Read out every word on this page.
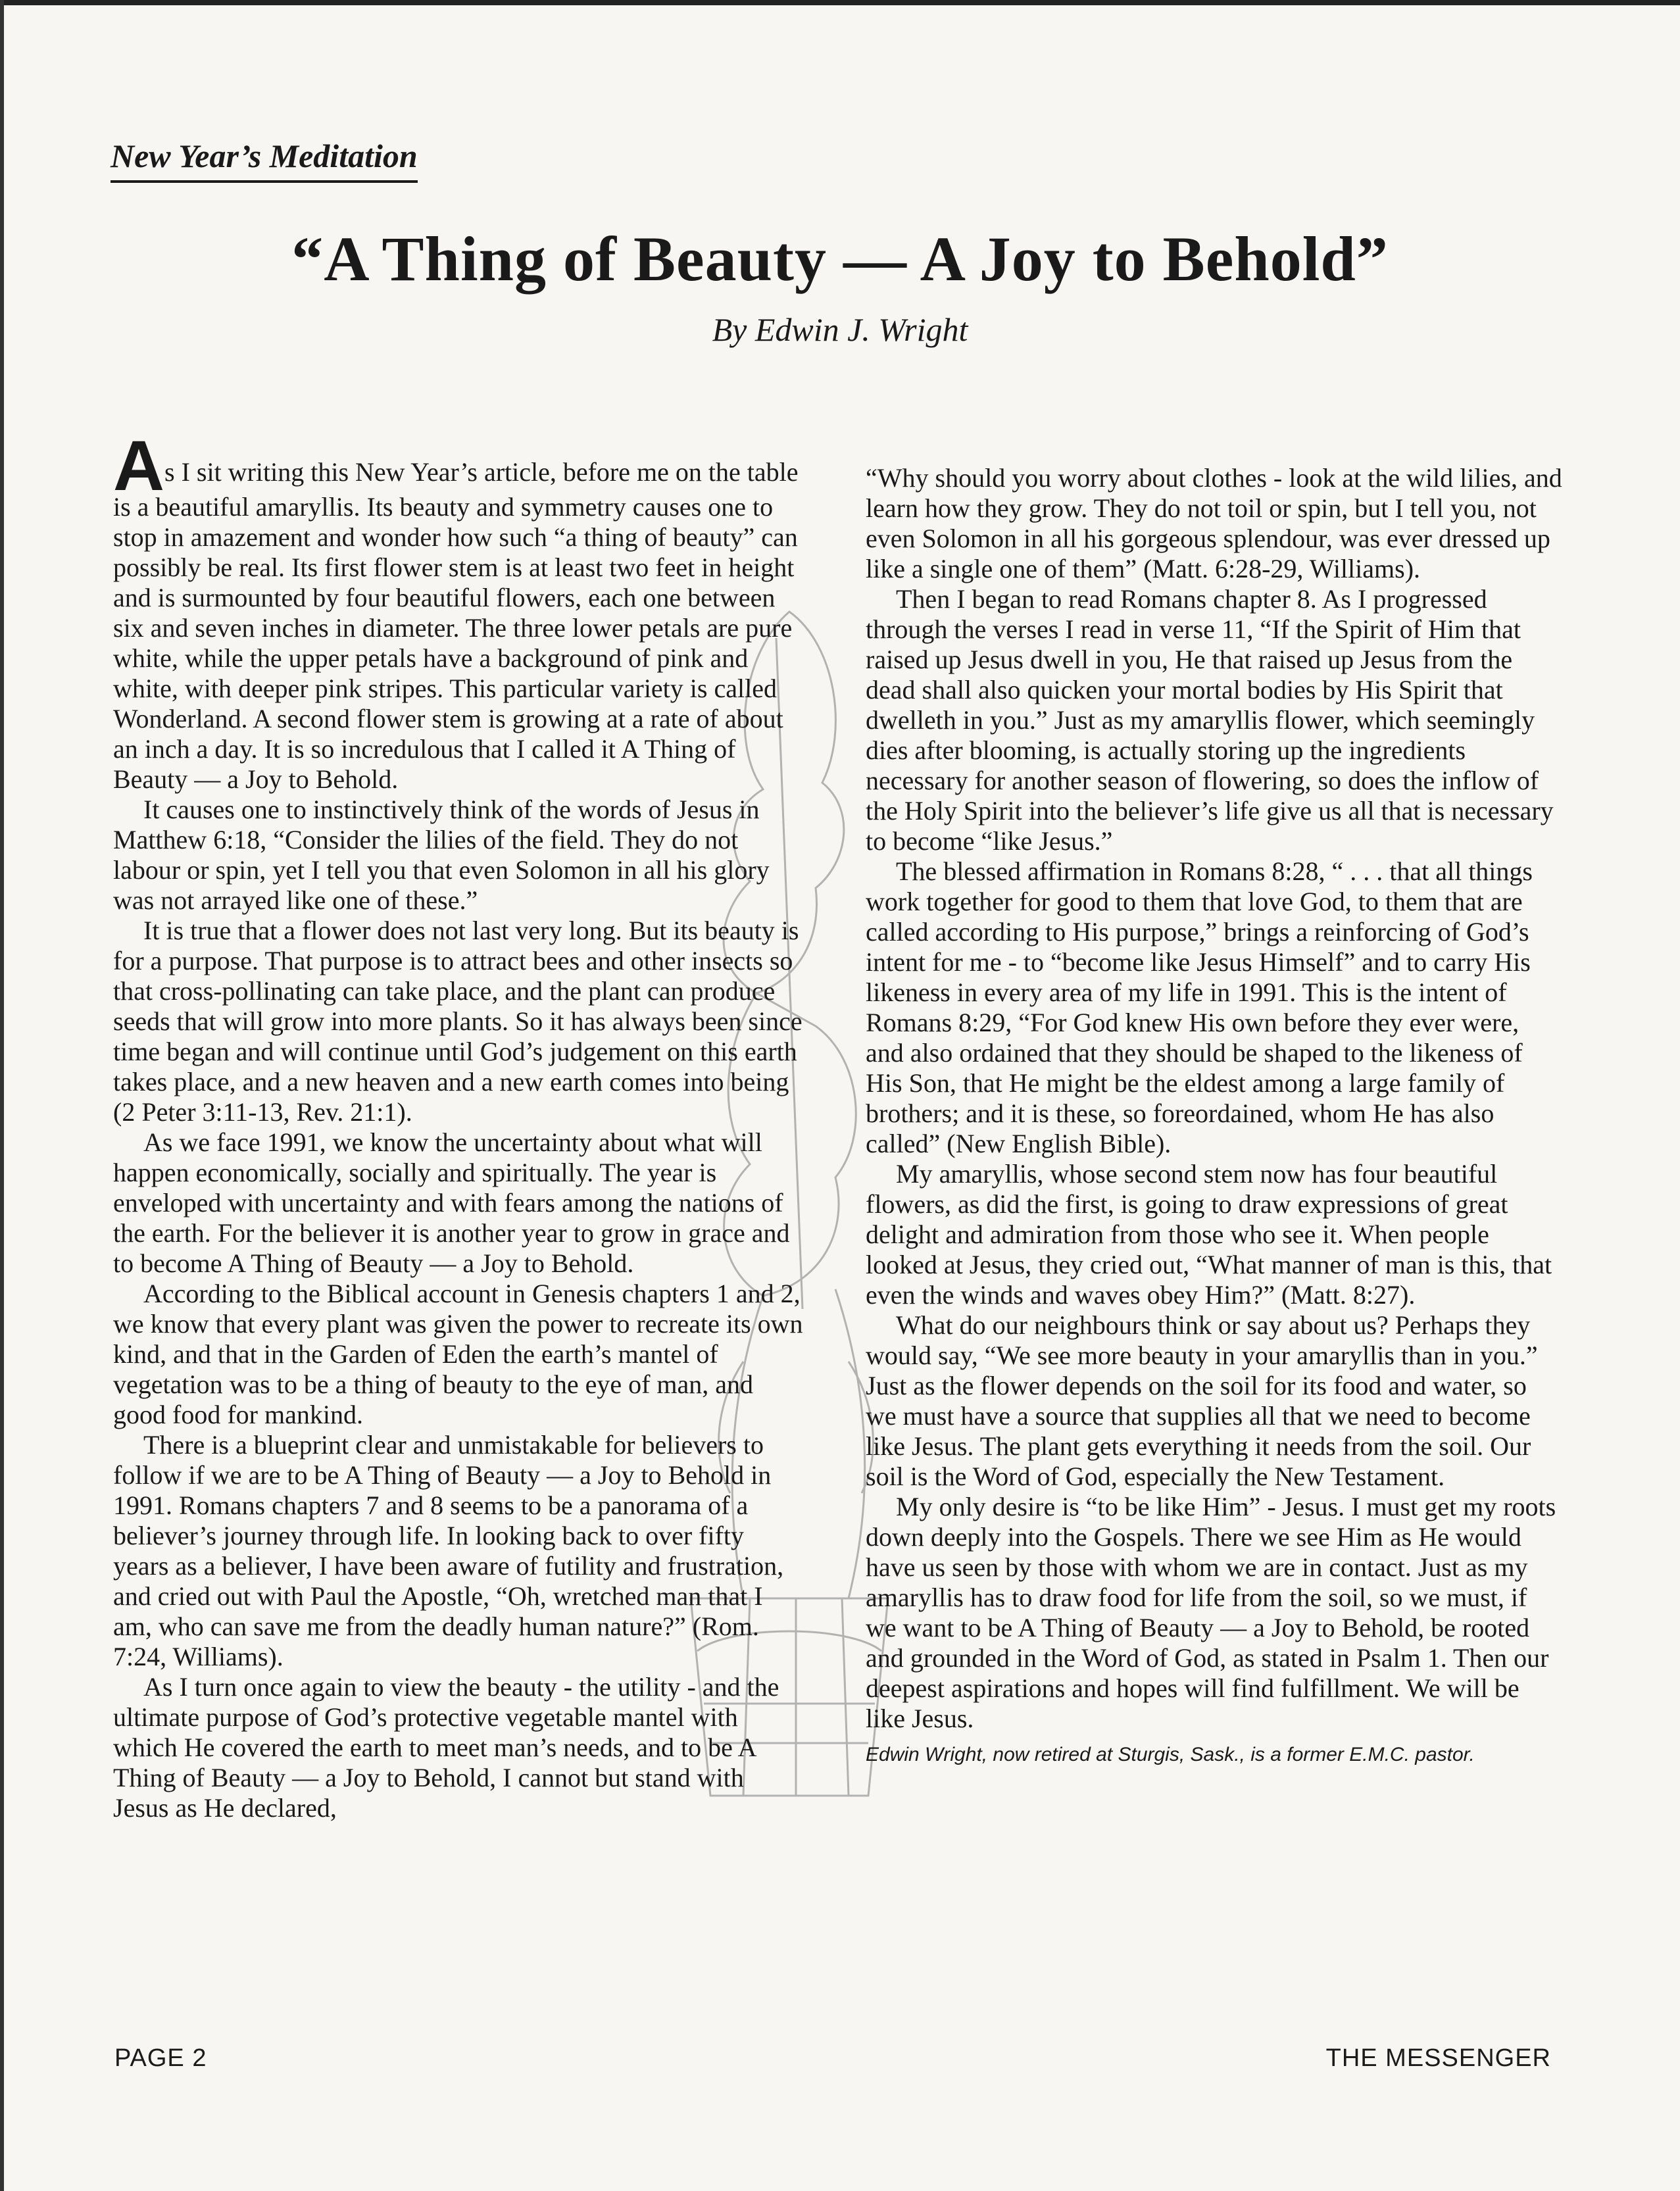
New Year’s Meditation
“A Thing of Beauty — A Joy to Behold”
By Edwin J. Wright

As I sit writing this New Year’s article, before me on the table is a beautiful amaryllis. Its beauty and symmetry causes one to stop in amazement and wonder how such “a thing of beauty” can possibly be real. Its first flower stem is at least two feet in height and is surmounted by four beautiful flowers, each one between six and seven inches in diameter. The three lower petals are pure white, while the upper petals have a background of pink and white, with deeper pink stripes. This particular variety is called Wonderland. A second flower stem is growing at a rate of about an inch a day. It is so incredulous that I called it A Thing of Beauty — a Joy to Behold.

It causes one to instinctively think of the words of Jesus in Matthew 6:18, “Consider the lilies of the field. They do not labour or spin, yet I tell you that even Solomon in all his glory was not arrayed like one of these.”

It is true that a flower does not last very long. But its beauty is for a purpose. That purpose is to attract bees and other insects so that cross-pollinating can take place, and the plant can produce seeds that will grow into more plants. So it has always been since time began and will continue until God’s judgement on this earth takes place, and a new heaven and a new earth comes into being (2 Peter 3:11-13, Rev. 21:1).

As we face 1991, we know the uncertainty about what will happen economically, socially and spiritually. The year is enveloped with uncertainty and with fears among the nations of the earth. For the believer it is another year to grow in grace and to become A Thing of Beauty — a Joy to Behold.

According to the Biblical account in Genesis chapters 1 and 2, we know that every plant was given the power to recreate its own kind, and that in the Garden of Eden the earth’s mantel of vegetation was to be a thing of beauty to the eye of man, and good food for mankind.

There is a blueprint clear and unmistakable for believers to follow if we are to be A Thing of Beauty — a Joy to Behold in 1991. Romans chapters 7 and 8 seems to be a panorama of a believer’s journey through life. In looking back to over fifty years as a believer, I have been aware of futility and frustration, and cried out with Paul the Apostle, “Oh, wretched man that I am, who can save me from the deadly human nature?” (Rom. 7:24, Williams).

As I turn once again to view the beauty - the utility - and the ultimate purpose of God’s protective vegetable mantel with which He covered the earth to meet man’s needs, and to be A Thing of Beauty — a Joy to Behold, I cannot but stand with Jesus as He declared,

“Why should you worry about clothes - look at the wild lilies, and learn how they grow. They do not toil or spin, but I tell you, not even Solomon in all his gorgeous splendour, was ever dressed up like a single one of them” (Matt. 6:28-29, Williams).

Then I began to read Romans chapter 8. As I progressed through the verses I read in verse 11, “If the Spirit of Him that raised up Jesus dwell in you, He that raised up Jesus from the dead shall also quicken your mortal bodies by His Spirit that dwelleth in you.” Just as my amaryllis flower, which seemingly dies after blooming, is actually storing up the ingredients necessary for another season of flowering, so does the inflow of the Holy Spirit into the believer’s life give us all that is necessary to become “like Jesus.”

The blessed affirmation in Romans 8:28, “ . . . that all things work together for good to them that love God, to them that are called according to His purpose,” brings a reinforcing of God’s intent for me - to “become like Jesus Himself” and to carry His likeness in every area of my life in 1991. This is the intent of Romans 8:29, “For God knew His own before they ever were, and also ordained that they should be shaped to the likeness of His Son, that He might be the eldest among a large family of brothers; and it is these, so foreordained, whom He has also called” (New English Bible).

My amaryllis, whose second stem now has four beautiful flowers, as did the first, is going to draw expressions of great delight and admiration from those who see it. When people looked at Jesus, they cried out, “What manner of man is this, that even the winds and waves obey Him?” (Matt. 8:27).

What do our neighbours think or say about us? Perhaps they would say, “We see more beauty in your amaryllis than in you.” Just as the flower depends on the soil for its food and water, so we must have a source that supplies all that we need to become like Jesus. The plant gets everything it needs from the soil. Our soil is the Word of God, especially the New Testament.

My only desire is “to be like Him” - Jesus. I must get my roots down deeply into the Gospels. There we see Him as He would have us seen by those with whom we are in contact. Just as my amaryllis has to draw food for life from the soil, so we must, if we want to be A Thing of Beauty — a Joy to Behold, be rooted and grounded in the Word of God, as stated in Psalm 1. Then our deepest aspirations and hopes will find fulfillment. We will be like Jesus.

Edwin Wright, now retired at Sturgis, Sask., is a former E.M.C. pastor.
PAGE 2	THE MESSENGER
